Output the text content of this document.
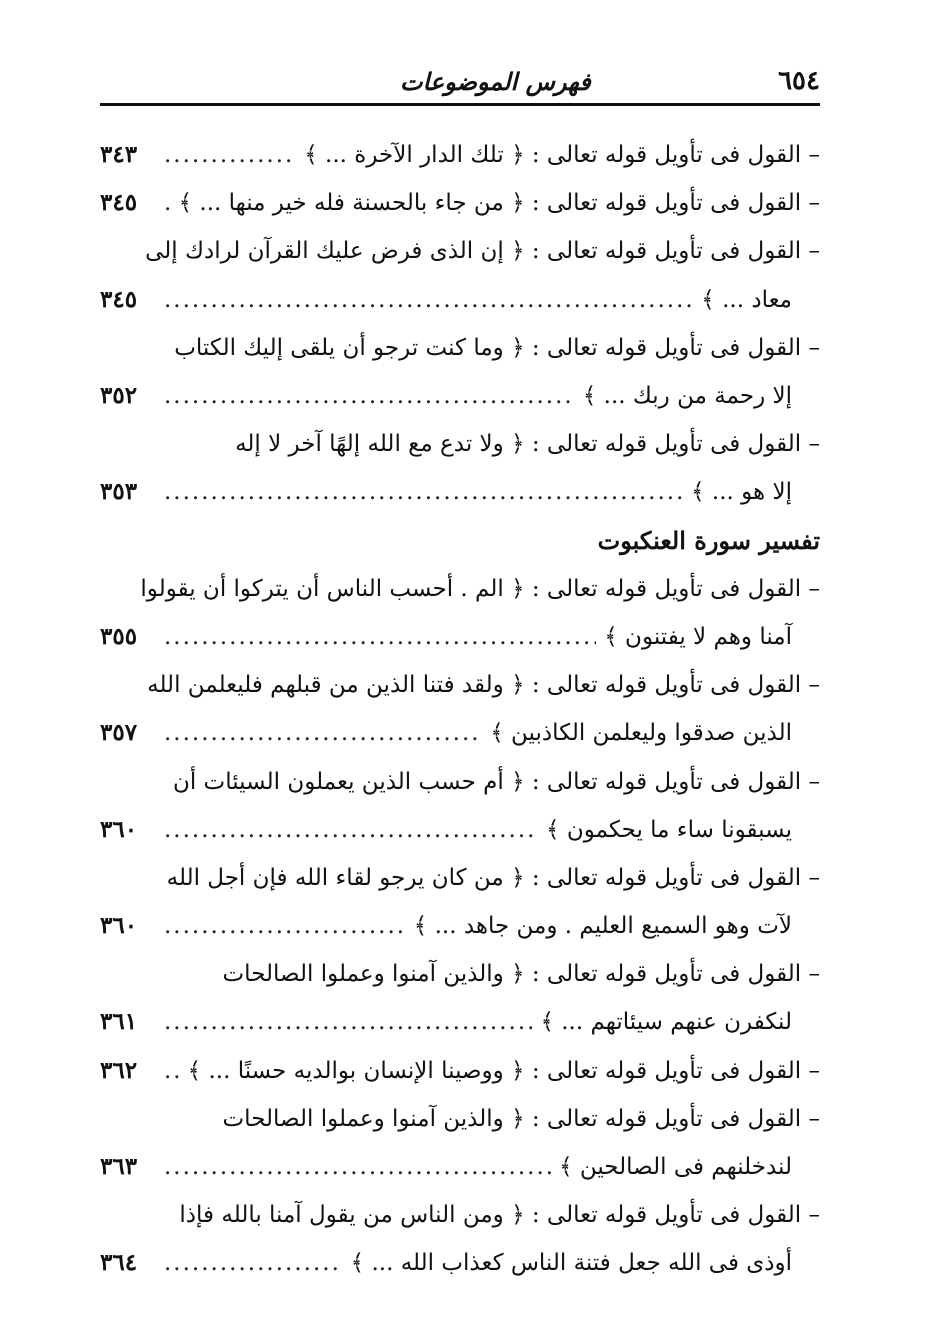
٦٥٤
فهرس الموضوعات
– القول فى تأويل قوله تعالى : ﴿ تلك الدار الآخرة ... ﴾
.....
٣٤٣
– القول فى تأويل قوله تعالى : ﴿ من جاء بالحسنة فله خير منها ... ﴾
.....
٣٤٥
– القول فى تأويل قوله تعالى : ﴿ إن الذى فرض عليك القرآن لرادك إلى
معاد ... ﴾
.....
٣٤٥
– القول فى تأويل قوله تعالى : ﴿ وما كنت ترجو أن يلقى إليك الكتاب
إلا رحمة من ربك ... ﴾
.....
٣٥٢
– القول فى تأويل قوله تعالى : ﴿ ولا تدع مع الله إلهًا آخر لا إله
إلا هو ... ﴾
.....
٣٥٣
تفسير سورة العنكبوت
– القول فى تأويل قوله تعالى : ﴿ الم . أحسب الناس أن يتركوا أن يقولوا
آمنا وهم لا يفتنون ﴾
.....
٣٥٥
– القول فى تأويل قوله تعالى : ﴿ ولقد فتنا الذين من قبلهم فليعلمن الله
الذين صدقوا وليعلمن الكاذبين ﴾
.....
٣٥٧
– القول فى تأويل قوله تعالى : ﴿ أم حسب الذين يعملون السيئات أن
يسبقونا ساء ما يحكمون ﴾
.....
٣٦٠
– القول فى تأويل قوله تعالى : ﴿ من كان يرجو لقاء الله فإن أجل الله
لآت وهو السميع العليم . ومن جاهد ... ﴾
.....
٣٦٠
– القول فى تأويل قوله تعالى : ﴿ والذين آمنوا وعملوا الصالحات
لنكفرن عنهم سيئاتهم ... ﴾
.....
٣٦١
– القول فى تأويل قوله تعالى : ﴿ ووصينا الإنسان بوالديه حسنًا ... ﴾
.....
٣٦٢
– القول فى تأويل قوله تعالى : ﴿ والذين آمنوا وعملوا الصالحات
لندخلنهم فى الصالحين ﴾
.....
٣٦٣
– القول فى تأويل قوله تعالى : ﴿ ومن الناس من يقول آمنا بالله فإذا
أوذى فى الله جعل فتنة الناس كعذاب الله ... ﴾
.....
٣٦٤
